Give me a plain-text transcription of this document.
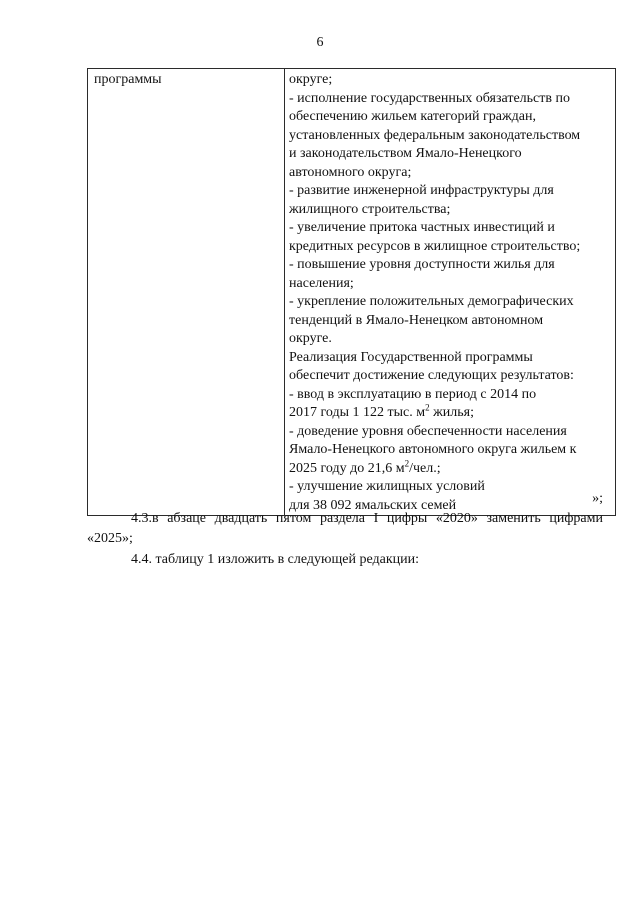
6
программы	округе;
- исполнение государственных обязательств по
обеспечению жильем категорий граждан,
установленных федеральным законодательством
и законодательством Ямало-Ненецкого
автономного округа;
- развитие инженерной инфраструктуры для
жилищного строительства;
- увеличение притока частных инвестиций и
кредитных ресурсов в жилищное строительство;
- повышение уровня доступности жилья для
населения;
- укрепление положительных демографических
тенденций в Ямало-Ненецком автономном
округе.
Реализация Государственной программы
обеспечит достижение следующих результатов:
- ввод в эксплуатацию в период с 2014 по
2017 годы 1 122 тыс. $м^2$ жилья;
- доведение уровня обеспеченности населения
Ямало-Ненецкого автономного округа жильем к
2025 году до 21,6 $м^2$/чел.;
- улучшение жилищных условий
для 38 092 ямальских семей	»;
4.3.в абзаце двадцать пятом раздела I цифры «2020» заменить цифрами «2025»;
4.4. таблицу 1 изложить в следующей редакции:
